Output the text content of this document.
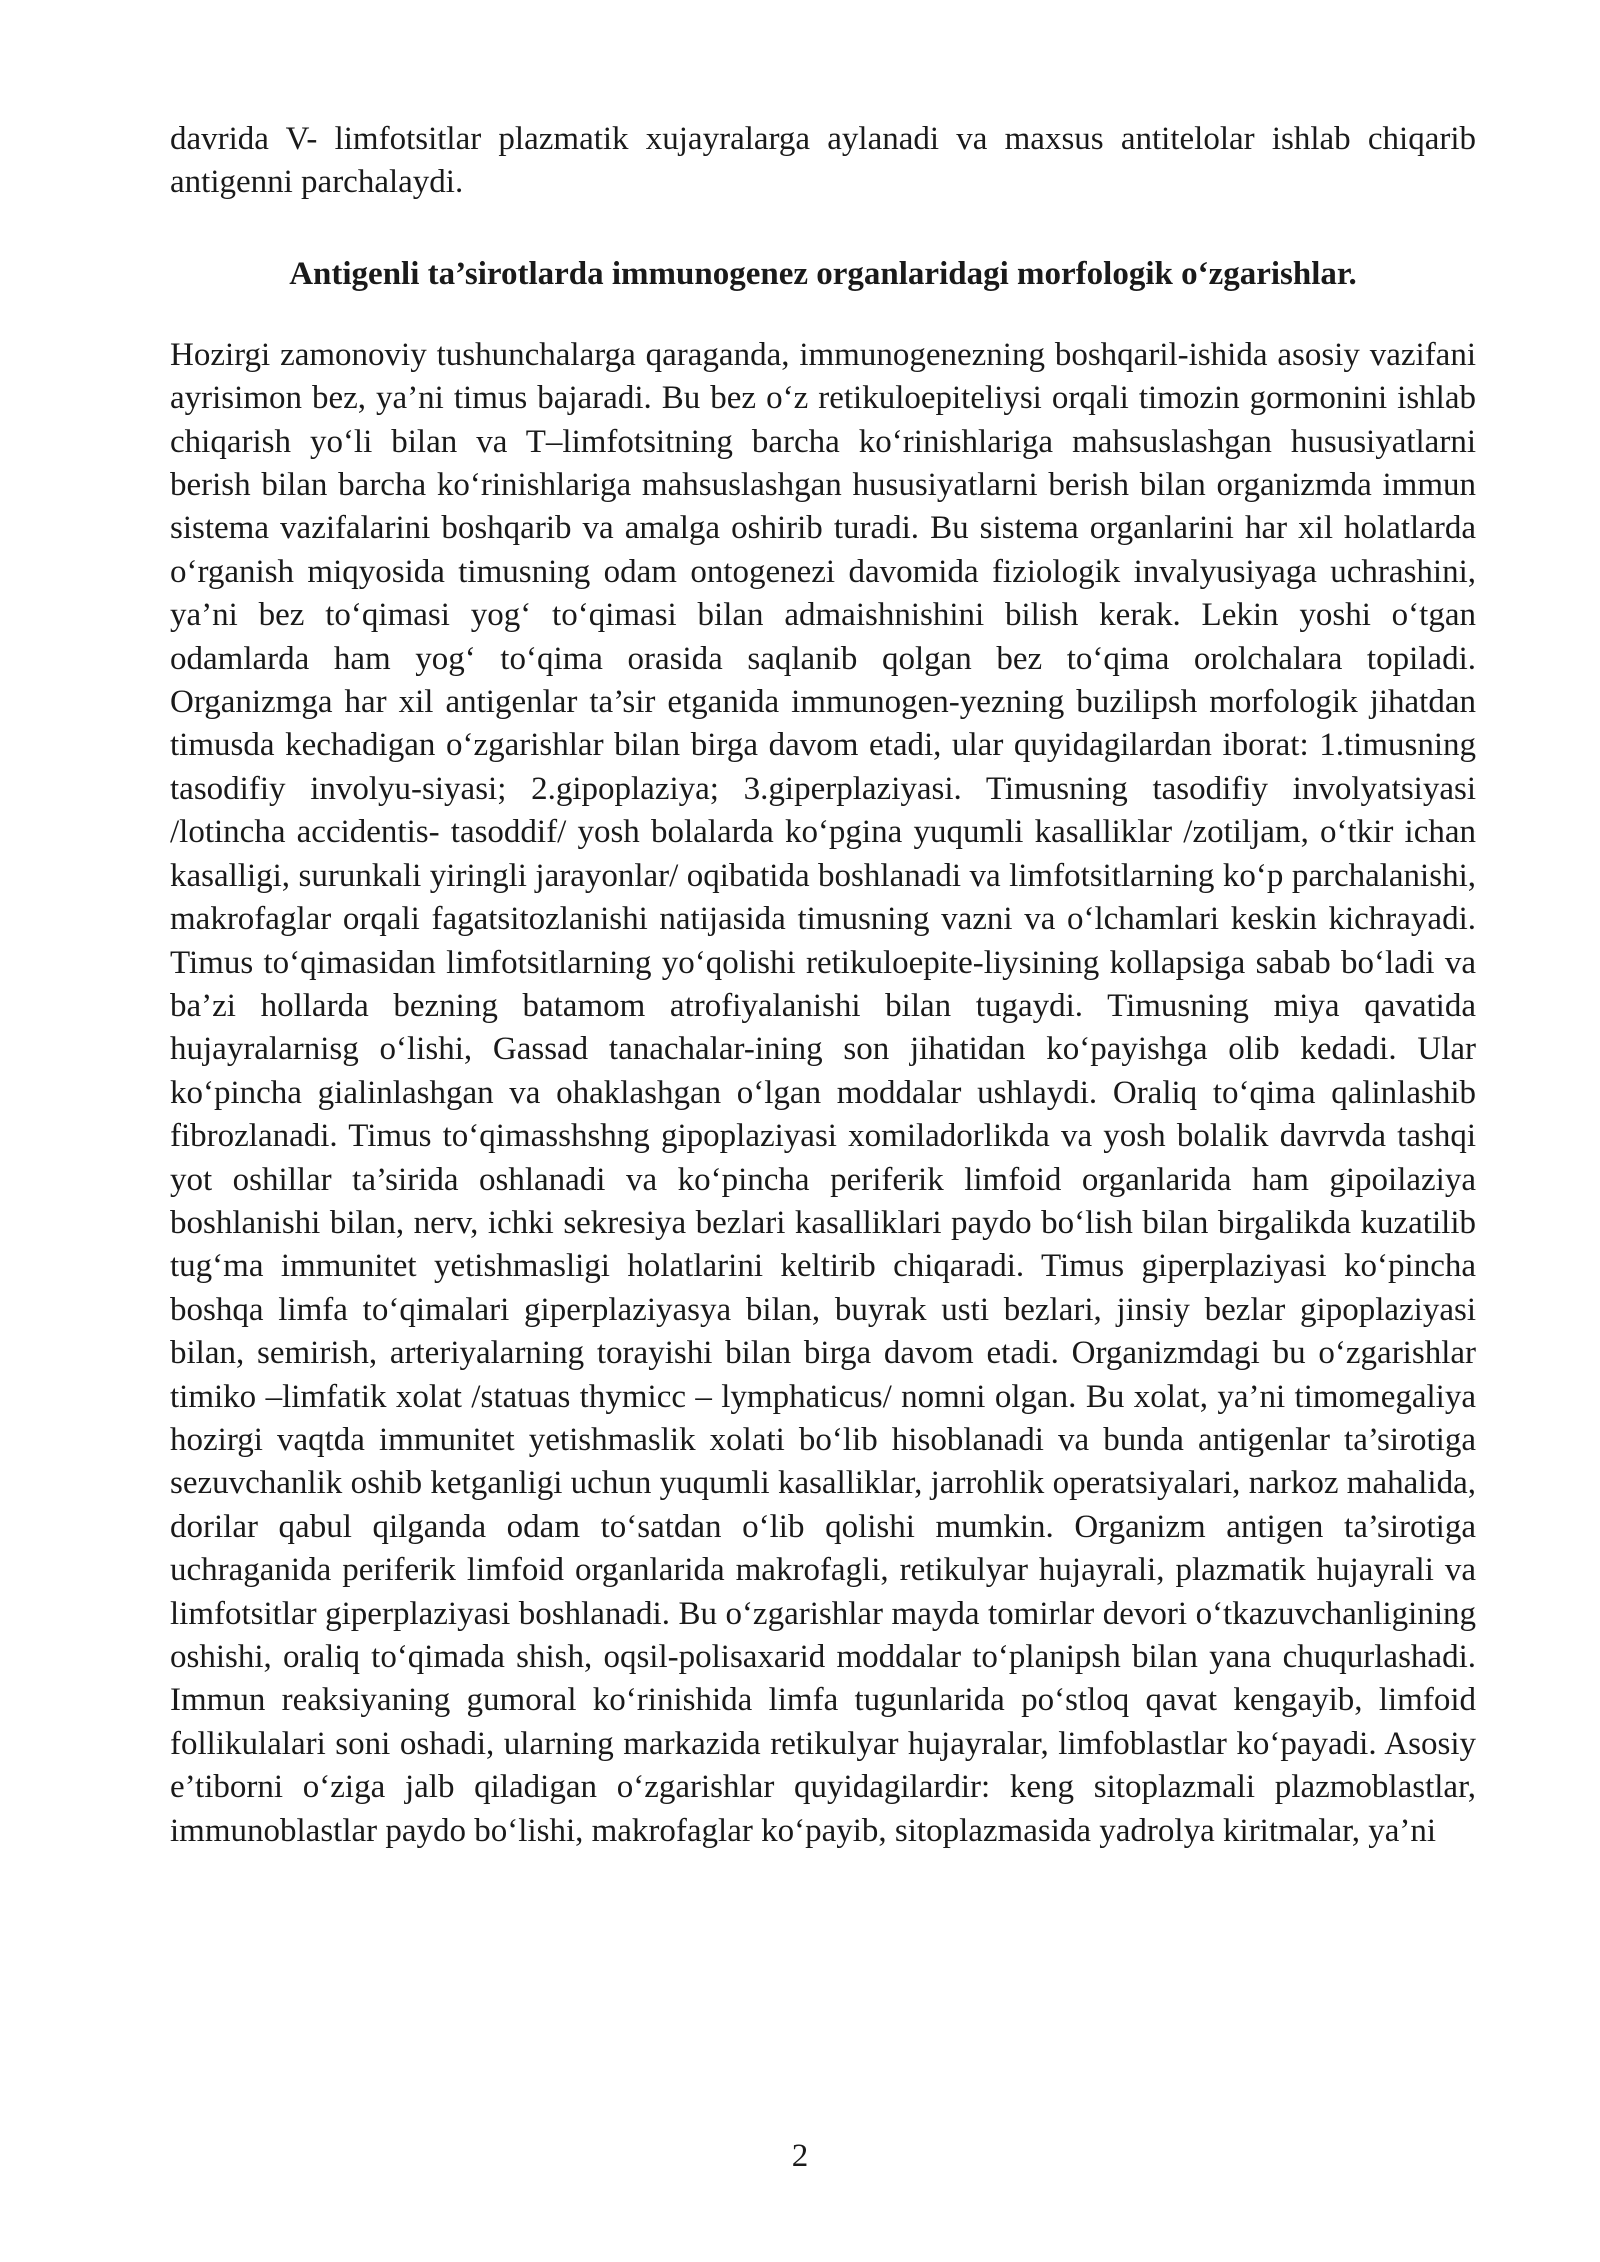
davrida V- limfotsitlar plazmatik xujayralarga aylanadi va maxsus antitelolar ishlab chiqarib antigenni parchalaydi.

Antigenli ta’sirotlarda immunogenez organlaridagi morfologik o‘zgarishlar.

Hozirgi zamonoviy tushunchalarga qaraganda, immunogenezning boshqaril-ishida asosiy vazifani ayrisimon bez, ya’ni timus bajaradi. Bu bez o‘z retikuloepiteliysi orqali timozin gormonini ishlab chiqarish yo‘li bilan va T–limfotsitning barcha ko‘rinishlariga mahsuslashgan hususiyatlarni berish bilan barcha ko‘rinishlariga mahsuslashgan hususiyatlarni berish bilan organizmda immun sistema vazifalarini boshqarib va amalga oshirib turadi. Bu sistema organlarini har xil holatlarda o‘rganish miqyosida timusning odam ontogenezi davomida fiziologik invalyusiyaga uchrashini, ya’ni bez to‘qimasi yog‘ to‘qimasi bilan admaishnishini bilish kerak. Lekin yoshi o‘tgan odamlarda ham yog‘ to‘qima orasida saqlanib qolgan bez to‘qima orolchalara topiladi. Organizmga har xil antigenlar ta’sir etganida immunogen-yezning buzilipsh morfologik jihatdan timusda kechadigan o‘zgarishlar bilan birga davom etadi, ular quyidagilardan iborat: 1.timusning tasodifiy involyu-siyasi; 2.gipoplaziya; 3.giperplaziyasi. Timusning tasodifiy involyatsiyasi /lotincha accidentis- tasoddif/ yosh bolalarda ko‘pgina yuqumli kasalliklar /zotiljam, o‘tkir ichan kasalligi, surunkali yiringli jarayonlar/ oqibatida boshlanadi va limfotsitlarning ko‘p parchalanishi, makrofaglar orqali fagatsitozlanishi natijasida timusning vazni va o‘lchamlari keskin kichrayadi. Timus to‘qimasidan limfotsitlarning yo‘qolishi retikuloepite-liysining kollapsiga sabab bo‘ladi va ba’zi hollarda bezning batamom atrofiyalanishi bilan tugaydi. Timusning miya qavatida hujayralarnisg o‘lishi, Gassad tanachalar-ining son jihatidan ko‘payishga olib kedadi. Ular ko‘pincha gialinlashgan va ohaklashgan o‘lgan moddalar ushlaydi. Oraliq to‘qima qalinlashib fibrozlanadi. Timus to‘qimasshshng gipoplaziyasi xomiladorlikda va yosh bolalik davrvda tashqi yot oshillar ta’sirida oshlanadi va ko‘pincha periferik limfoid organlarida ham gipoilaziya boshlanishi bilan, nerv, ichki sekresiya bezlari kasalliklari paydo bo‘lish bilan birgalikda kuzatilib tug‘ma immunitet yetishmasligi holatlarini keltirib chiqaradi. Timus giperplaziyasi ko‘pincha boshqa limfa to‘qimalari giperplaziyasya bilan, buyrak usti bezlari, jinsiy bezlar gipoplaziyasi bilan, semirish, arteriyalarning torayishi bilan birga davom etadi. Organizmdagi bu o‘zgarishlar timiko –limfatik xolat /statuas thymicc – lymphaticus/ nomni olgan. Bu xolat, ya’ni timomegaliya hozirgi vaqtda immunitet yetishmaslik xolati bo‘lib hisoblanadi va bunda antigenlar ta’sirotiga sezuvchanlik oshib ketganligi uchun yuqumli kasalliklar, jarrohlik operatsiyalari, narkoz mahalida, dorilar qabul qilganda odam to‘satdan o‘lib qolishi mumkin. Organizm antigen ta’sirotiga uchraganida periferik limfoid organlarida makrofagli, retikulyar hujayrali, plazmatik hujayrali va limfotsitlar giperplaziyasi boshlanadi. Bu o‘zgarishlar mayda tomirlar devori o‘tkazuvchanligining oshishi, oraliq to‘qimada shish, oqsil-polisaxarid moddalar to‘planipsh bilan yana chuqurlashadi. Immun reaksiyaning gumoral ko‘rinishida limfa tugunlarida po‘stloq qavat kengayib, limfoid follikulalari soni oshadi, ularning markazida retikulyar hujayralar, limfoblastlar ko‘payadi. Asosiy e’tiborni o‘ziga jalb qiladigan o‘zgarishlar quyidagilardir: keng sitoplazmali plazmoblastlar, immunoblastlar paydo bo‘lishi, makrofaglar ko‘payib, sitoplazmasida yadrolya kiritmalar, ya’ni

2
